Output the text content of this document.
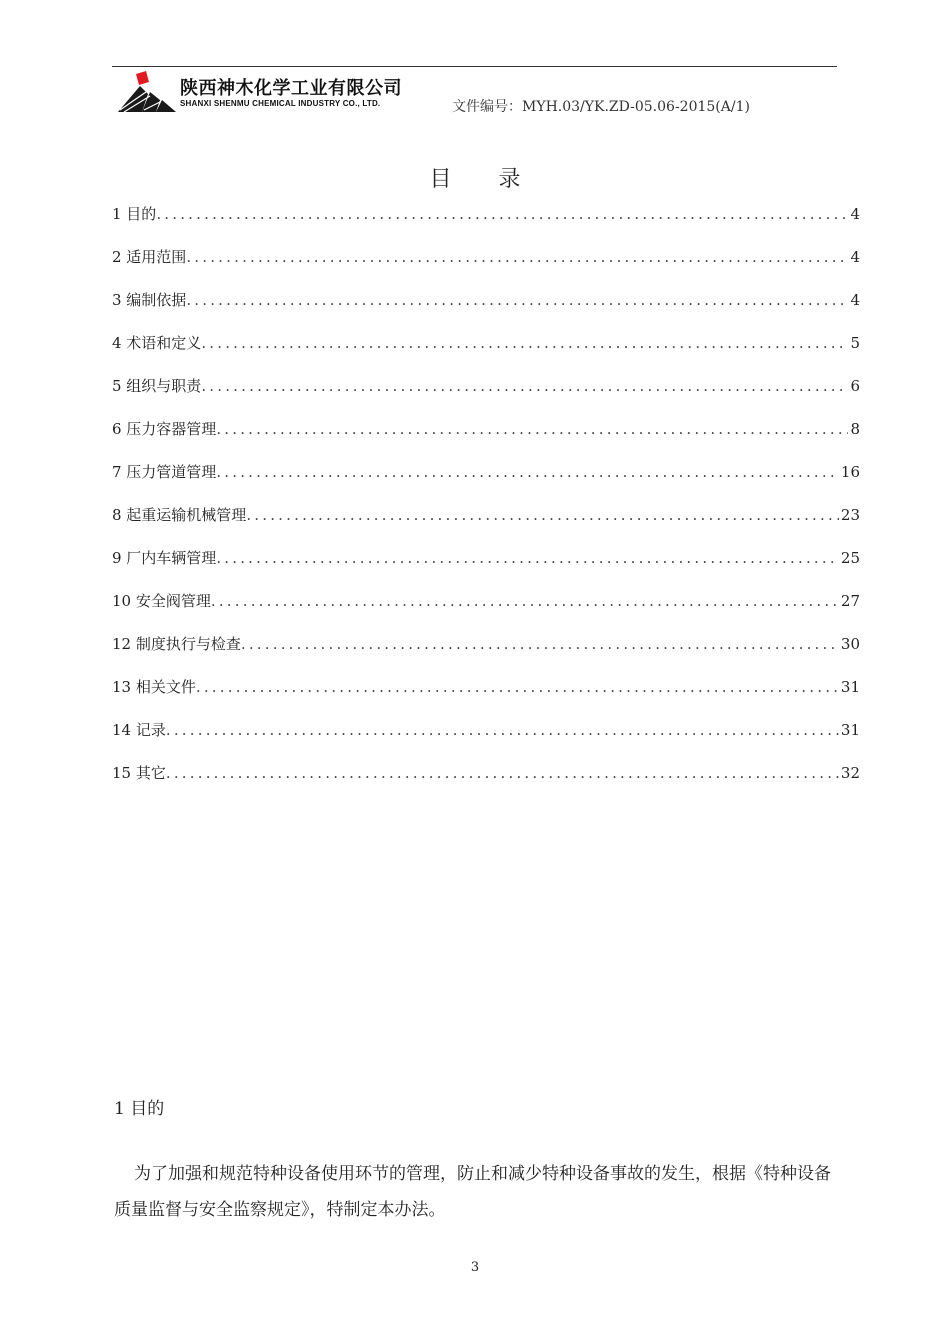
陕西神木化学工业有限公司
SHANXI SHENMU CHEMICAL INDUSTRY CO., LTD.	文件编号：MYH.03/YK.ZD-05.06-2015(A/1)
目 录
1 目的 .....	4
2 适用范围 .....	4
3 编制依据 .....	4
4 术语和定义 .....	5
5 组织与职责 .....	6
6 压力容器管理 .....	8
7 压力管道管理 .....	16
8 起重运输机械管理 .....	23
9 厂内车辆管理 .....	25
10 安全阀管理 .....	27
12 制度执行与检查 .....	30
13 相关文件 .....	31
14 记录 .....	31
15 其它 .....	32
1 目的
为了加强和规范特种设备使用环节的管理，防止和减少特种设备事故的发生，根据《特种设备质量监督与安全监察规定》，特制定本办法。
3
